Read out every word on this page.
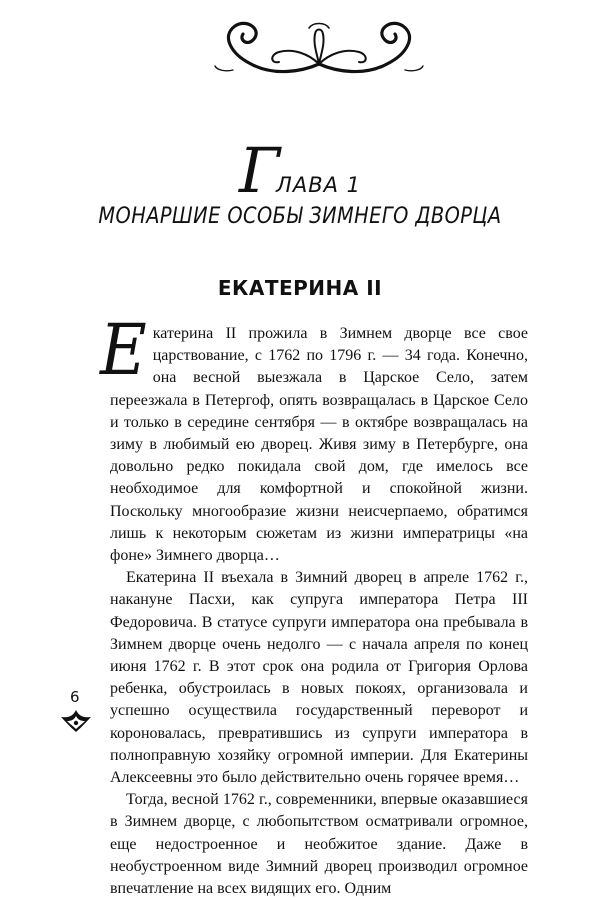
Г
ЛАВА 1
МОНАРШИЕ ОСОБЫ ЗИМНЕГО ДВОРЦА
ЕКАТЕРИНА II

Екатерина II прожила в Зимнем дворце все свое царствование, с 1762 по 1796 г. — 34 года. Конечно, она весной выезжала в Царское Село, затем переезжала в Петергоф, опять возвращалась в Царское Село и только в середине сентября — в октябре возвращалась на зиму в любимый ею дворец. Живя зиму в Петербурге, она довольно редко покидала свой дом, где имелось все необходимое для комфортной и спокойной жизни. Поскольку многообразие жизни неисчерпаемо, обратимся лишь к некоторым сюжетам из жизни императрицы «на фоне» Зимнего дворца…

Екатерина II въехала в Зимний дворец в апреле 1762 г., накануне Пасхи, как супруга императора Петра III Федоровича. В статусе супруги императора она пребывала в Зимнем дворце очень недолго — с начала апреля по конец июня 1762 г. В этот срок она родила от Григория Орлова ребенка, обустроилась в новых покоях, организовала и успешно осуществила государственный переворот и короновалась, превратившись из супруги императора в полноправную хозяйку огромной империи. Для Екатерины Алексеевны это было действительно очень горячее время…

Тогда, весной 1762 г., современники, впервые оказавшиеся в Зимнем дворце, с любопытством осматривали огромное, еще недостроенное и необжитое здание. Даже в необустроенном виде Зимний дворец производил огромное впечатление на всех видящих его. Одним

6
